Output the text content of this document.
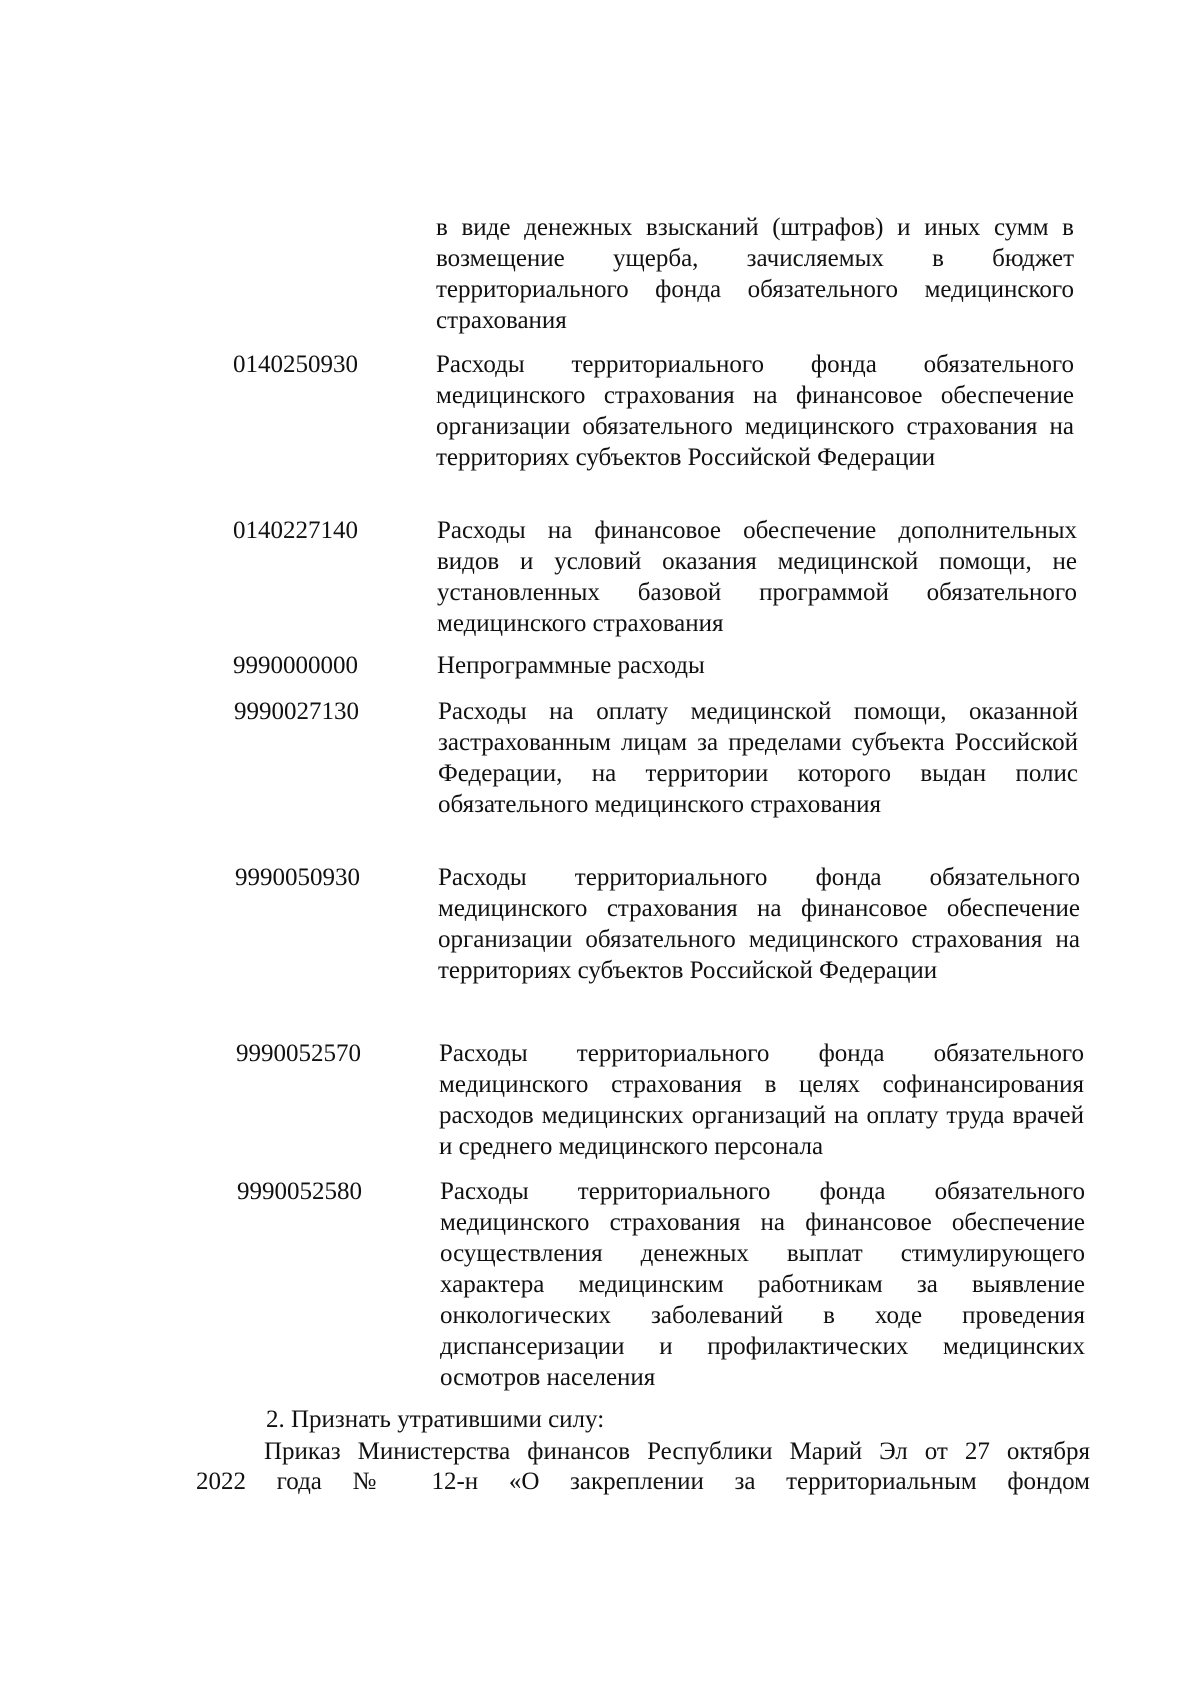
в виде денежных взысканий (штрафов) и иных сумм в возмещение ущерба, зачисляемых в бюджет территориального фонда обязательного медицинского страхования
0140250930	Расходы территориального фонда обязательного медицинского страхования на финансовое обеспечение организации обязательного медицинского страхования на территориях субъектов Российской Федерации
0140227140	Расходы на финансовое обеспечение дополнительных видов и условий оказания медицинской помощи, не установленных базовой программой обязательного медицинского страхования
9990000000	Непрограммные расходы
9990027130	Расходы на оплату медицинской помощи, оказанной застрахованным лицам за пределами субъекта Российской Федерации, на территории которого выдан полис обязательного медицинского страхования
9990050930	Расходы территориального фонда обязательного медицинского страхования на финансовое обеспечение организации обязательного медицинского страхования на территориях субъектов Российской Федерации
9990052570	Расходы территориального фонда обязательного медицинского страхования в целях софинансирования расходов медицинских организаций на оплату труда врачей и среднего медицинского персонала
9990052580	Расходы территориального фонда обязательного медицинского страхования на финансовое обеспечение осуществления денежных выплат стимулирующего характера медицинским работникам за выявление онкологических заболеваний в ходе проведения диспансеризации и профилактических медицинских осмотров населения
2. Признать утратившими силу:
Приказ Министерства финансов Республики Марий Эл от 27 октября
2022 года № 12-н «О закреплении за территориальным фондом
